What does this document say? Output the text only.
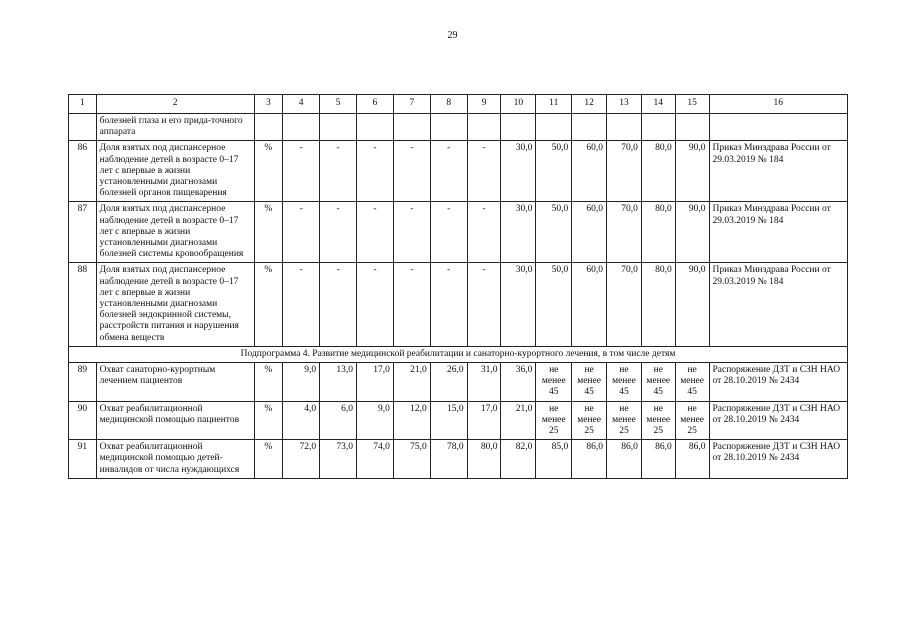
29
1	2	3	4	5	6	7	8	9	10	11	12	13	14	15	16
	болезней глаза и его прида-точного аппарата														
86	Доля взятых под диспансерное наблюдение детей в возрасте 0–17 лет с впервые в жизни установленными диагнозами болезней органов пищеварения	%	-	-	-	-	-	-	30,0	50,0	60,0	70,0	80,0	90,0	Приказ Минздрава России от 29.03.2019 № 184
87	Доля взятых под диспансерное наблюдение детей в возрасте 0–17 лет с впервые в жизни установленными диагнозами болезней системы кровообращения	%	-	-	-	-	-	-	30,0	50,0	60,0	70,0	80,0	90,0	Приказ Минздрава России от 29.03.2019 № 184
88	Доля взятых под диспансерное наблюдение детей в возрасте 0–17 лет с впервые в жизни установленными диагнозами болезней эндокринной системы, расстройств питания и нарушения обмена веществ	%	-	-	-	-	-	-	30,0	50,0	60,0	70,0	80,0	90,0	Приказ Минздрава России от 29.03.2019 № 184
Подпрограмма 4. Развитие медицинской реабилитации и санаторно-курортного лечения, в том числе детям															
89	Охват санаторно-курортным лечением пациентов	%	9,0	13,0	17,0	21,0	26,0	31,0	36,0	не менее 45	не менее 45	не менее 45	не менее 45	не менее 45	Распоряжение ДЗТ и СЗН НАО от 28.10.2019 № 2434
90	Охват реабилитационной медицинской помощью пациентов	%	4,0	6,0	9,0	12,0	15,0	17,0	21,0	не менее 25	не менее 25	не менее 25	не менее 25	не менее 25	Распоряжение ДЗТ и СЗН НАО от 28.10.2019 № 2434
91	Охват реабилитационной медицинской помощью детей-инвалидов от числа нуждающихся	%	72,0	73,0	74,0	75,0	78,0	80,0	82,0	85,0	86,0	86,0	86,0	86,0	Распоряжение ДЗТ и СЗН НАО от 28.10.2019 № 2434
